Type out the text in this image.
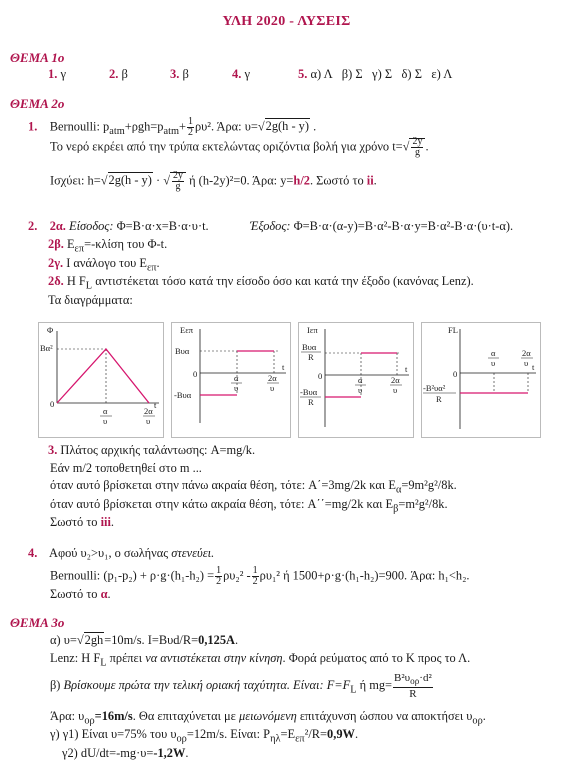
ΥΛΗ 2020 - ΛΥΣΕΙΣ
ΘΕΜΑ 1ο
1. γ	2. β	3. β	4. γ	5. α) Λ   β) Σ   γ) Σ   δ) Σ   ε) Λ
ΘΕΜΑ 2ο
1. Bernoulli: $p_{atm}+\rho gh=p_{atm}+ \frac{1}{2} \rho\upsilon^2$. Άρα: υ=√2g(h - y) .
Το νερό εκρέει από την τρύπα εκτελώντας οριζόντια βολή για χρόνο $t=√ \frac{2y}{g}$ .
Ισχύει: h=√2g(h - y) · √ $\frac{2y}{g}$ ή (h-2y)²=0. Άρα: y=h/2. Σωστό το ii.
2. 2α. Είσοδος: Φ=B·α·x=B·α·υ·t.	Έξοδος: Φ=B·α·(α-y)=B·α²-B·α·y=B·α²-B·α·(υ·t-α).
2β. $E_{\varepsilon\pi}=$-κλίση του Φ-t.
2γ. Ι ανάλογο του $E_{\varepsilon\pi}$.
2δ. Η $F_L$ αντιστέκεται τόσο κατά την είσοδο όσο και κατά την έξοδο (κανόνας Lenz).
Τα διαγράμματα:
Φ
Bα²
0
α
υ
2α
υ
t
Eεπ
Bυα
-Bυα
0	α
υ
2α
υ
t
Iεπ
Bυα
R
-Bυα
R
0	α
υ
2α
υ
t
FL
0
-B²υα²
R
α
υ
2α
υ t
3. Πλάτος αρχικής ταλάντωσης: A=mg/k.
Εάν m/2 τοποθετηθεί στο m ...
όταν αυτό βρίσκεται στην πάνω ακραία θέση, τότε: A΄=3mg/2k και $E_\alpha=9m^2g^2/8k$.
όταν αυτό βρίσκεται στην κάτω ακραία θέση, τότε: A΄΄=mg/2k και $E_\beta=m^2g^2/8k$.
Σωστό το iii.
4. Αφού υ₂>υ₁, ο σωλήνας στενεύει.
Bernoulli: $(p_1-p_2) + \rho\cdot g\cdot(h_1-h_2) = \frac{1}{2} \rho\upsilon_2^2 - \frac{1}{2} \rho\upsilon_1^2$ ή 1500+ρ·g·(h₁-h₂)=900. Άρα: h₁<h₂.
Σωστό το α.
ΘΕΜΑ 3ο
α) υ=√2gh=10m/s. I=Bυd/R=0,125A.
Lenz: Η $F_L$ πρέπει να αντιστέκεται στην κίνηση. Φορά ρεύματος από το Κ προς το Λ.
β) Βρίσκουμε πρώτα την τελική οριακή ταχύτητα. Είναι: $F=F_L$ ή $mg= \frac{B^2\upsilon_{o\rho}\cdot d^2}{R}$
Άρα: $\upsilon_{o\rho}=16m/s$. Θα επιταχύνεται με μειωνόμενη επιτάχυνση ώσπου να αποκτήσει $\upsilon_{o\rho}$.
γ) γ1) Είναι υ=75% του $\upsilon_{o\rho}=12m/s$. Είναι: $P_{\eta\lambda}=E_{\varepsilon\pi}^2/R=0,9W$.
γ2) dU/dt=-mg·υ=-1,2W.
